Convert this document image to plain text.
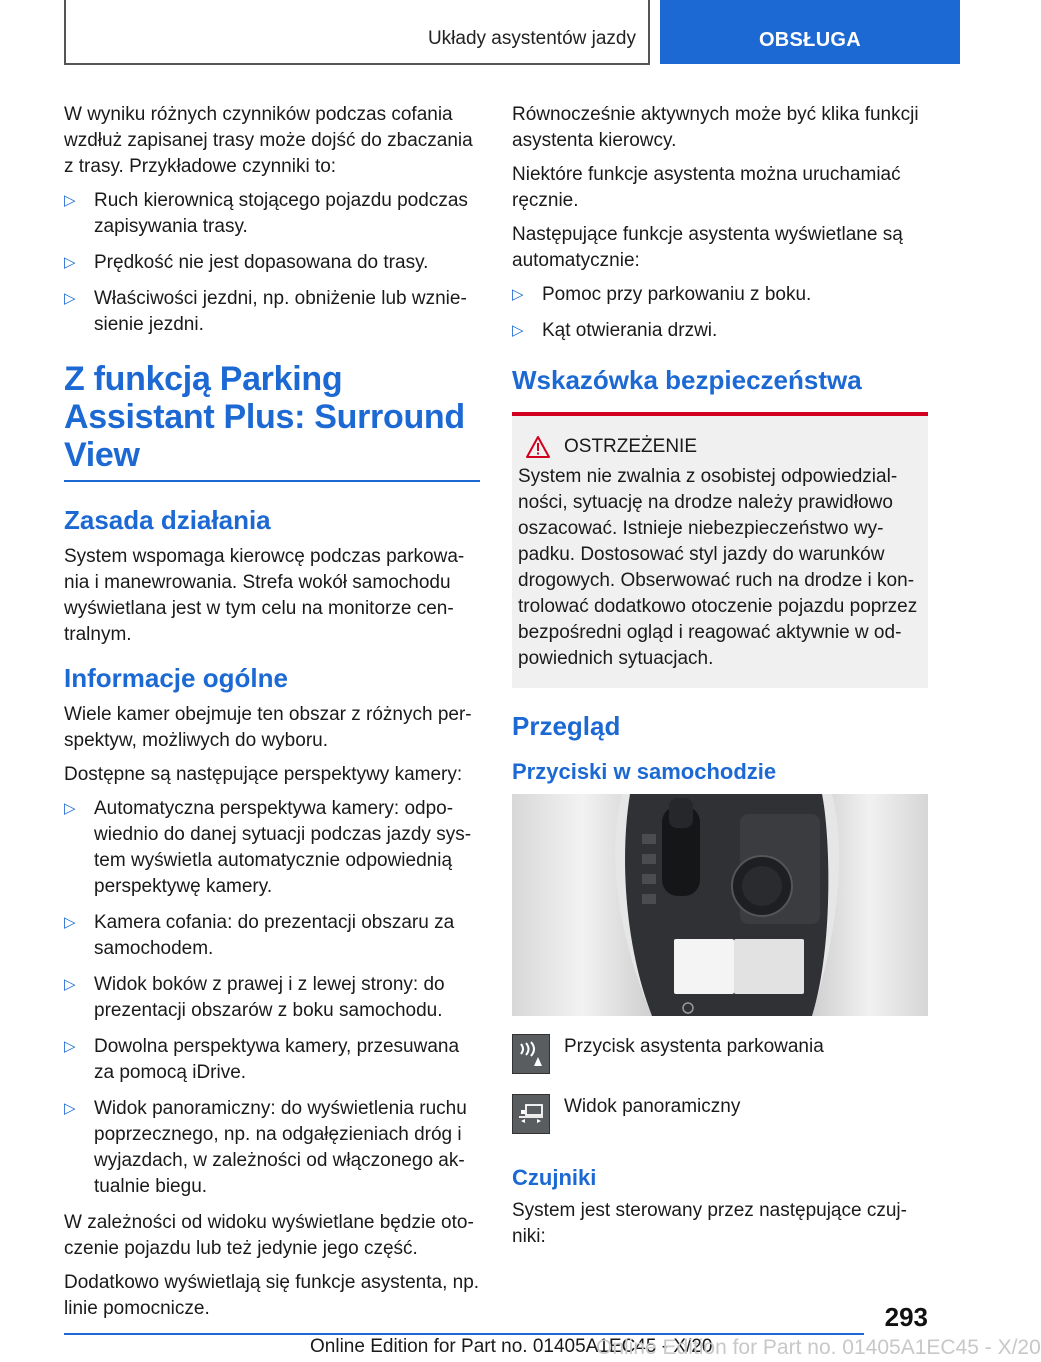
Układy asystentów jazdy	OBSŁUGA

W wyniku różnych czynników podczas cofania wzdłuż zapisanej trasy może dojść do zbaczania z trasy. Przykładowe czynniki to:

▷ Ruch kierownicą stojącego pojazdu podczas zapisywania trasy.
▷ Prędkość nie jest dopasowana do trasy.
▷ Właściwości jezdni, np. obniżenie lub wzniesienie jezdni.
Z funkcją Parking Assistant Plus: Surround View
Zasada działania

System wspomaga kierowcę podczas parkowania i manewrowania. Strefa wokół samochodu wyświetlana jest w tym celu na monitorze centralnym.

Informacje ogólne

Wiele kamer obejmuje ten obszar z różnych perspektyw, możliwych do wyboru.

Dostępne są następujące perspektywy kamery:

▷ Automatyczna perspektywa kamery: odpowiednio do danej sytuacji podczas jazdy system wyświetla automatycznie odpowiednią perspektywę kamery.
▷ Kamera cofania: do prezentacji obszaru za samochodem.
▷ Widok boków z prawej i z lewej strony: do prezentacji obszarów z boku samochodu.
▷ Dowolna perspektywa kamery, przesuwana za pomocą iDrive.
▷ Widok panoramiczny: do wyświetlenia ruchu poprzecznego, np. na odgałęzieniach dróg i wyjazdach, w zależności od włączonego aktualnie biegu.

W zależności od widoku wyświetlane będzie otoczenie pojazdu lub też jedynie jego część.

Dodatkowo wyświetlają się funkcje asystenta, np. linie pomocnicze.

Równocześnie aktywnych może być klika funkcji asystenta kierowcy.

Niektóre funkcje asystenta można uruchamiać ręcznie.

Następujące funkcje asystenta wyświetlane są automatycznie:

▷ Pomoc przy parkowaniu z boku.
▷ Kąt otwierania drzwi.
Wskazówka bezpieczeństwa
OSTRZEŻENIE

System nie zwalnia z osobistej odpowiedzialności, sytuację na drodze należy prawidłowo oszacować. Istnieje niebezpieczeństwo wypadku. Dostosować styl jazdy do warunków drogowych. Obserwować ruch na drodze i kontrolować dodatkowo otoczenie pojazdu poprzez bezpośredni ogląd i reagować aktywnie w odpowiednich sytuacjach.

Przegląd
Przyciski w samochodzie

Przycisk asystenta parkowania

Widok panoramiczny

Czujniki

System jest sterowany przez następujące czujniki:

293
Online Edition for Part no. 01405A1EC45 - X/20
Online Edition for Part no. 01405A1EC45 - X/20
